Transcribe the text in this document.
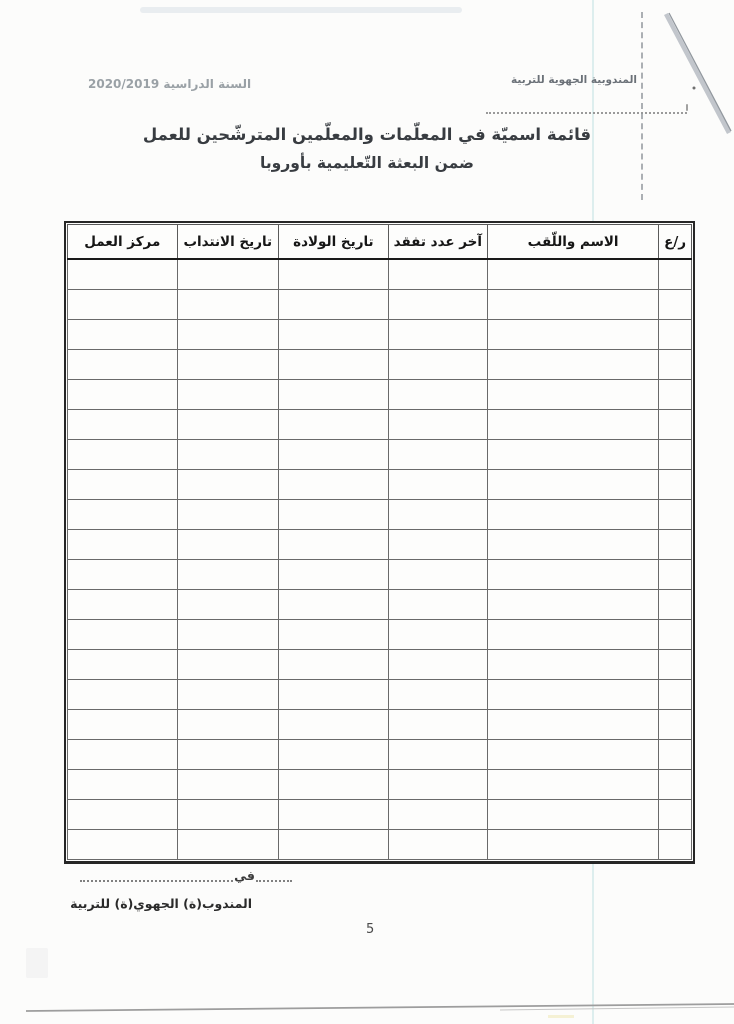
المندوبية الجهوية للتربية
السنة الدراسية 2020/2019
قائمة اسميّة في المعلّمات والمعلّمين المترشّحين للعمل
ضمن البعثة التّعليمية بأوروبا
ع/ر	الاسم واللّقب	آخر عدد تفقد	تاريخ الولادة	تاريخ الانتداب	مركز العمل

في
المندوب(ة) الجهوي(ة) للتربية
5
